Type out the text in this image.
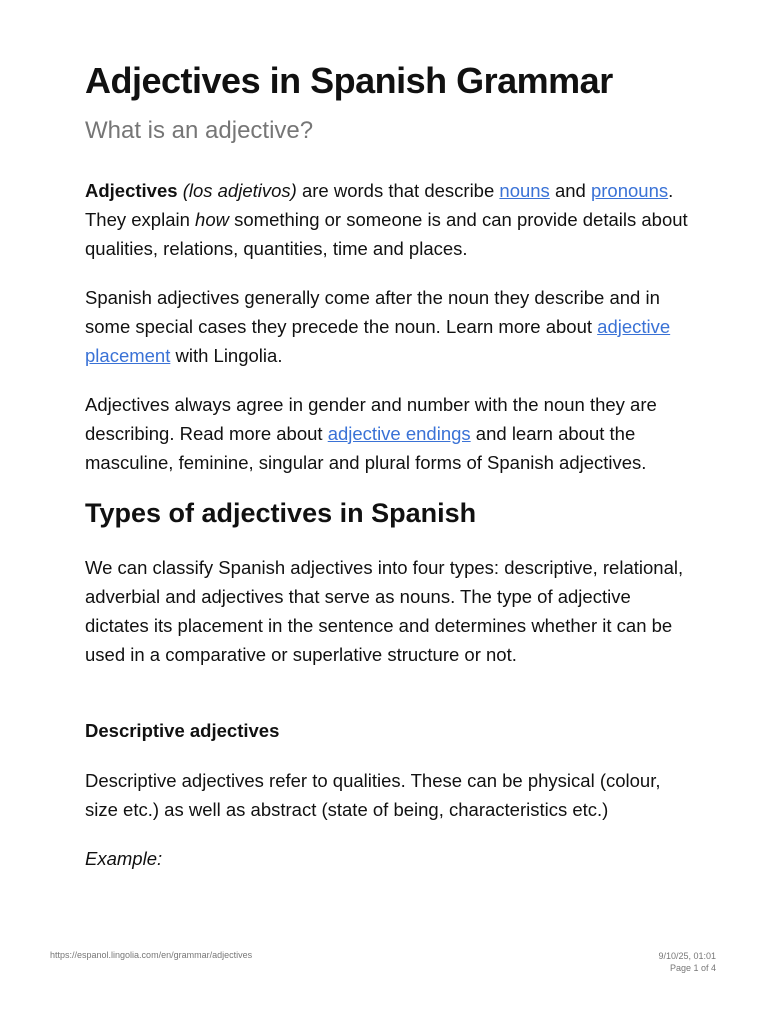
Adjectives in Spanish Grammar
What is an adjective?

Adjectives (los adjetivos) are words that describe nouns and pronouns. They explain how something or someone is and can provide details about qualities, relations, quantities, time and places.

Spanish adjectives generally come after the noun they describe and in some special cases they precede the noun. Learn more about adjective placement with Lingolia.

Adjectives always agree in gender and number with the noun they are describing. Read more about adjective endings and learn about the masculine, feminine, singular and plural forms of Spanish adjectives.

Types of adjectives in Spanish

We can classify Spanish adjectives into four types: descriptive, relational, adverbial and adjectives that serve as nouns. The type of adjective dictates its placement in the sentence and determines whether it can be used in a comparative or superlative structure or not.

Descriptive adjectives

Descriptive adjectives refer to qualities. These can be physical (colour, size etc.) as well as abstract (state of being, characteristics etc.)

Example:

https://espanol.lingolia.com/en/grammar/adjectives	9/10/25, 01:01
Page 1 of 4
